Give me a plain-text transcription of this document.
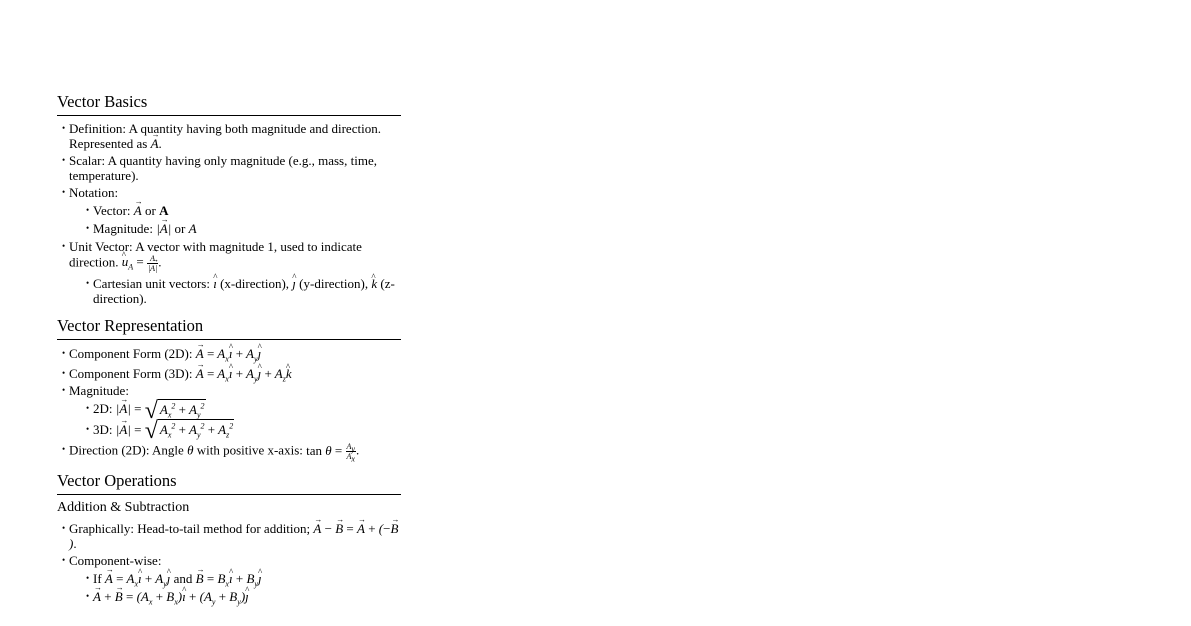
Vector Basics
• Definition: A quantity having both magnitude and direction. Represented as A →.
• Scalar: A quantity having only magnitude (e.g., mass, time, temperature).
• Notation:
• Vector: A → or A
• Magnitude: |A →| or A
• Unit Vector: A vector with magnitude 1, used to indicate direction. u $\^{}_A = \frac{A \to}{|A \to|}$ .
• Cartesian unit vectors: ı ^ (x-direction), ȷ ^ (y-direction), k ^ (z-direction).
Vector Representation
• Component Form (2D): A → = $A_xı$ ^ + $A_yȷ$ ^
• Component Form (3D): A → = $A_xı$ ^ + $A_yȷ$ ^ + $A_zk$ ^
• Magnitude:
• 2D: |A →| = √ $A_x^2 + A_y^2$
• 3D: |A →| = √ $A_x^2 + A_y^2 + A_z^2$
• Direction (2D): Angle θ with positive x-axis: $\tan \theta = \frac{A_y}{A_x}$ .
Vector Operations
Addition & Subtraction
• Graphically: Head-to-tail method for addition; A → − B → = A → + (−B →).
• Component-wise:
• If A → = $A_xı$ ^ + $A_yȷ$ ^ and B → = $B_xı$ ^ + $B_yȷ$ ^
• A → + B → = ($A_x$ + $B_x)ı$ ^ + ($A_y$ + $B_y)ȷ$ ^
